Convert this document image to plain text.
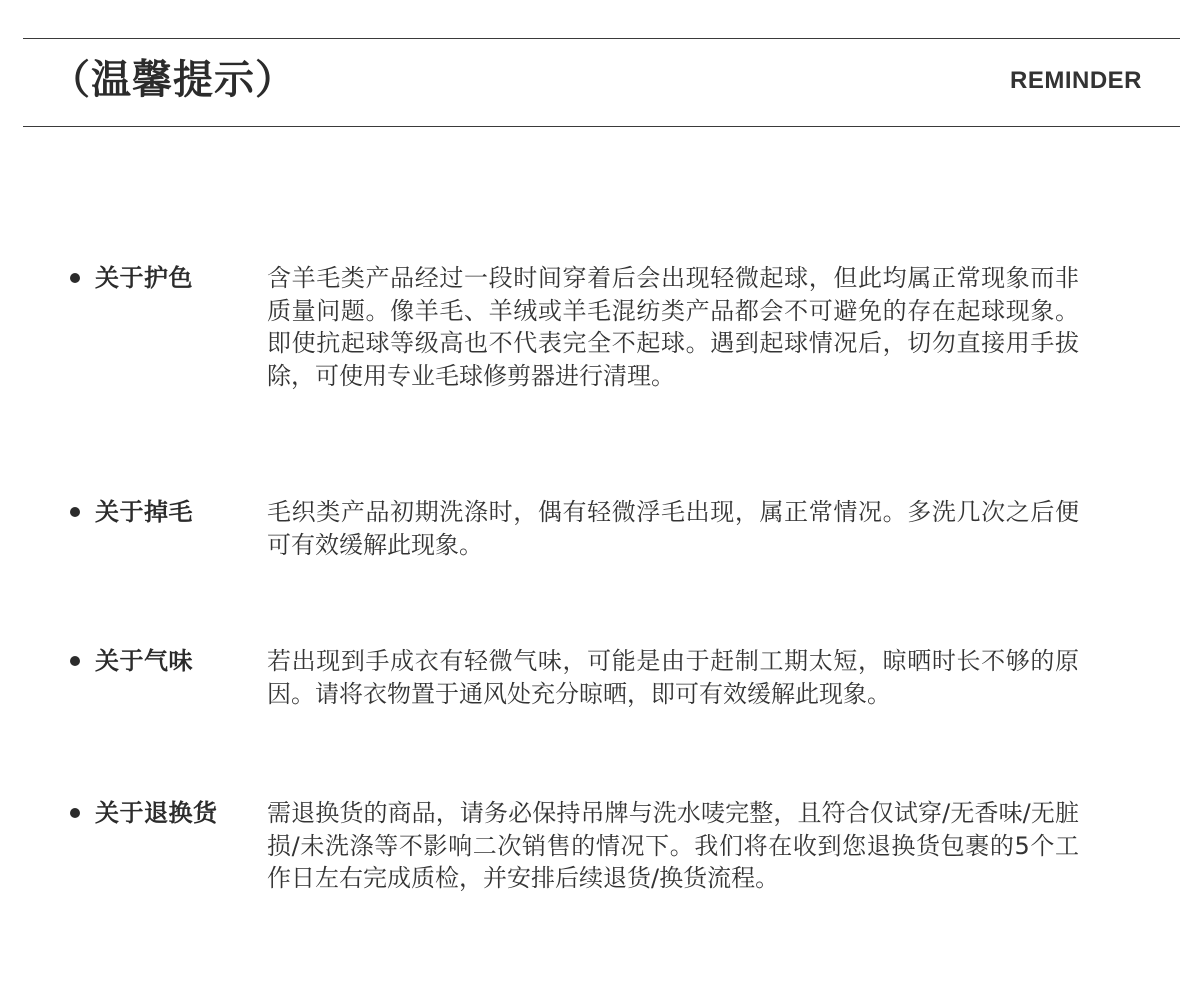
（温馨提示）	REMINDER
关于护色	含羊毛类产品经过一段时间穿着后会出现轻微起球，但此均属正常现象而非质量问题。像羊毛、羊绒或羊毛混纺类产品都会不可避免的存在起球现象。即使抗起球等级高也不代表完全不起球。遇到起球情况后，切勿直接用手拔除，可使用专业毛球修剪器进行清理。
关于掉毛	毛织类产品初期洗涤时，偶有轻微浮毛出现，属正常情况。多洗几次之后便可有效缓解此现象。
关于气味	若出现到手成衣有轻微气味，可能是由于赶制工期太短，晾晒时长不够的原因。请将衣物置于通风处充分晾晒，即可有效缓解此现象。
关于退换货 需退换货的商品，请务必保持吊牌与洗水唛完整，且符合仅试穿/无香味/无脏损/未洗涤等不影响二次销售的情况下。我们将在收到您退换货包裹的5个工作日左右完成质检，并安排后续退货/换货流程。
